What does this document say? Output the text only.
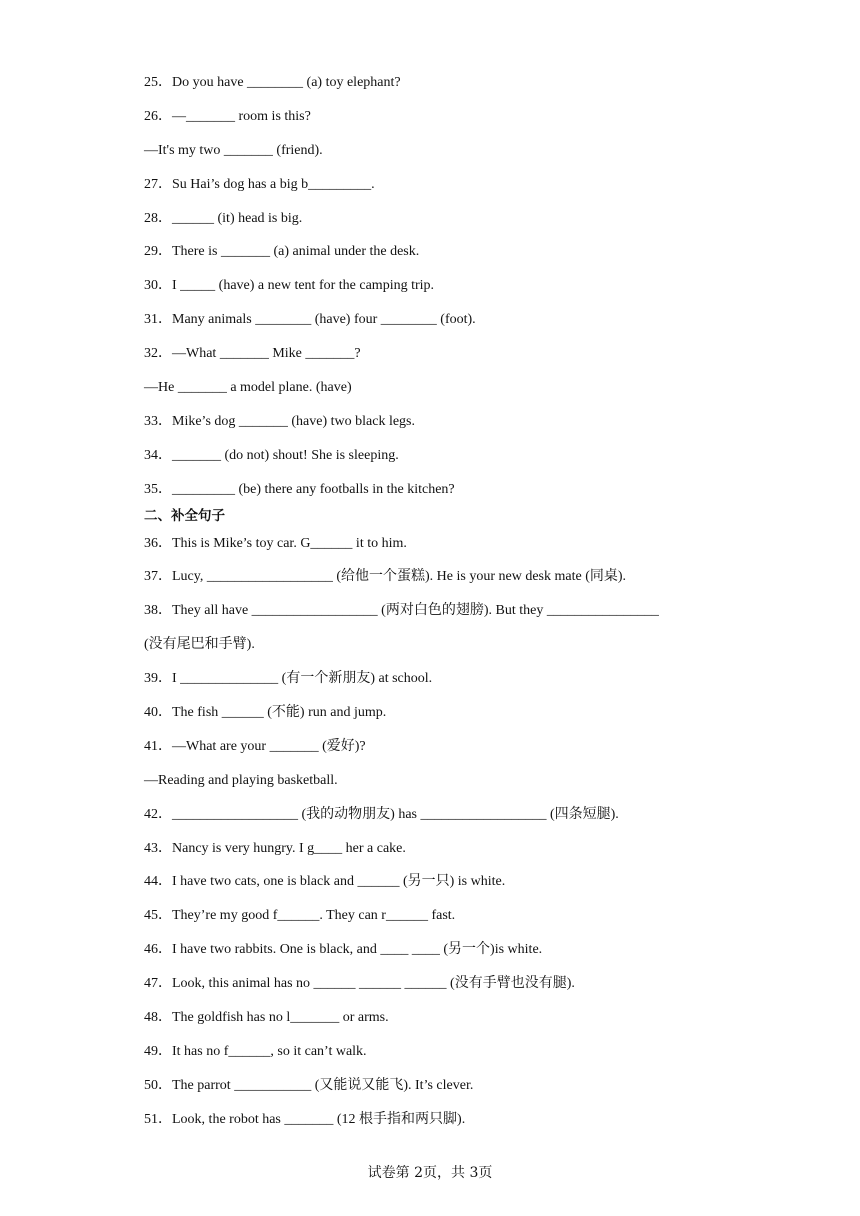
25．Do you have ________ (a) toy elephant?
26．—_______ room is this?
—It's my two _______ (friend).
27．Su Hai’s dog has a big b_________.
28．______ (it) head is big.
29．There is _______ (a) animal under the desk.
30．I _____ (have) a new tent for the camping trip.
31．Many animals ________ (have) four ________ (foot).
32．—What _______ Mike _______?
—He _______ a model plane. (have)
33．Mike’s dog _______ (have) two black legs.
34．_______ (do not) shout! She is sleeping.
35．_________ (be) there any footballs in the kitchen?
二、补全句子
36．This is Mike’s toy car. G______ it to him.
37．Lucy, __________________ (给他一个蛋糕). He is your new desk mate (同桌).
38．They all have __________________ (两对白色的翅膀). But they ________________
(没有尾巴和手臂).
39．I ______________ (有一个新朋友) at school.
40．The fish ______ (不能) run and jump.
41．—What are your _______ (爱好)?
—Reading and playing basketball.
42．__________________ (我的动物朋友) has __________________ (四条短腿).
43．Nancy is very hungry. I g____ her a cake.
44．I have two cats, one is black and ______ (另一只) is white.
45．They’re my good f______. They can r______ fast.
46．I have two rabbits. One is black, and ____ ____ (另一个)is white.
47．Look, this animal has no ______ ______ ______ (没有手臂也没有腿).
48．The goldfish has no l_______ or arms.
49．It has no f______, so it can’t walk.
50．The parrot ___________ (又能说又能飞). It’s clever.
51．Look, the robot has _______ (12 根手指和两只脚).
试卷第 2页，共 3页
